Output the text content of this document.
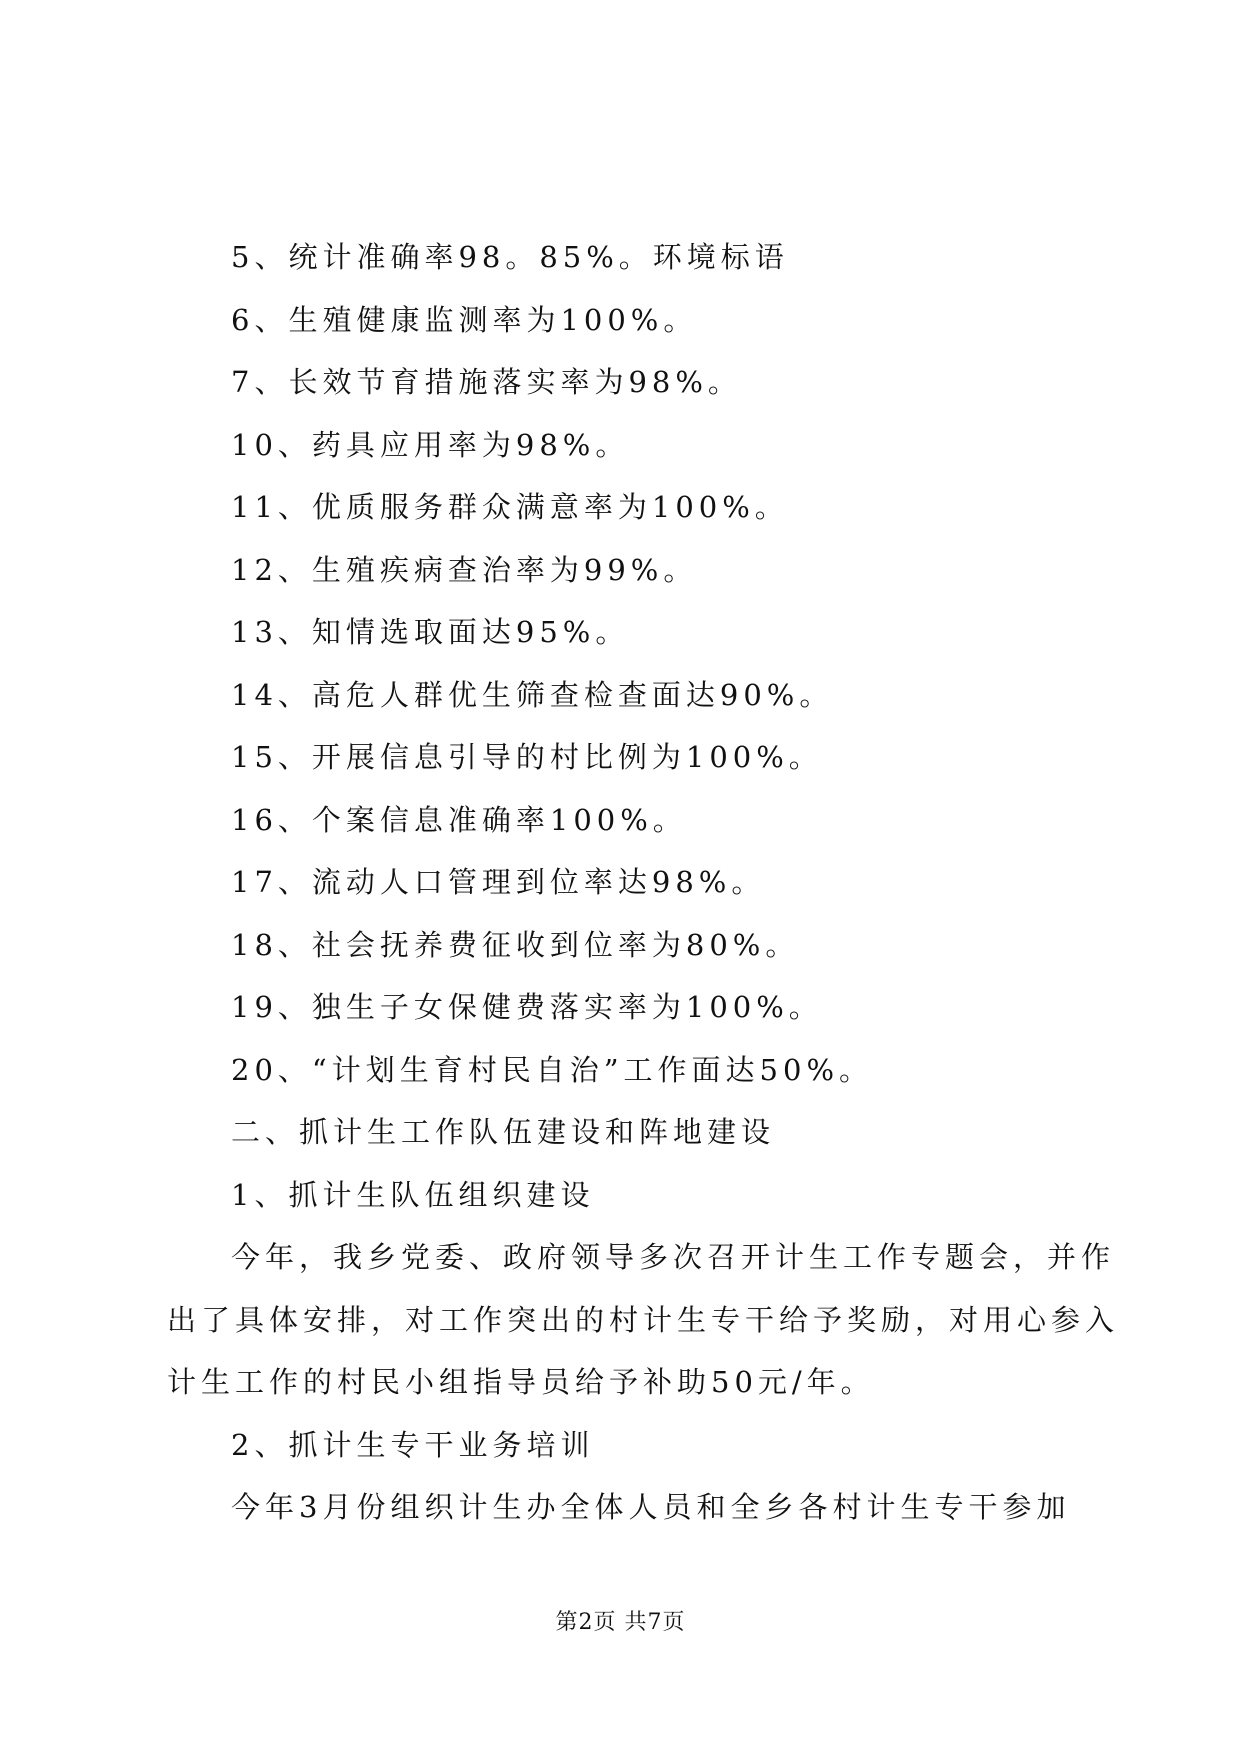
5、统计准确率98。85%。环境标语
6、生殖健康监测率为100%。
7、长效节育措施落实率为98%。
10、药具应用率为98%。
11、优质服务群众满意率为100%。
12、生殖疾病查治率为99%。
13、知情选取面达95%。
14、高危人群优生筛查检查面达90%。
15、开展信息引导的村比例为100%。
16、个案信息准确率100%。
17、流动人口管理到位率达98%。
18、社会抚养费征收到位率为80%。
19、独生子女保健费落实率为100%。
20、“计划生育村民自治”工作面达50%。
二、抓计生工作队伍建设和阵地建设
1、抓计生队伍组织建设
今年，我乡党委、政府领导多次召开计生工作专题会，并作
出了具体安排，对工作突出的村计生专干给予奖励，对用心参入
计生工作的村民小组指导员给予补助50元/年。
2、抓计生专干业务培训
今年3月份组织计生办全体人员和全乡各村计生专干参加
第2页 共7页
